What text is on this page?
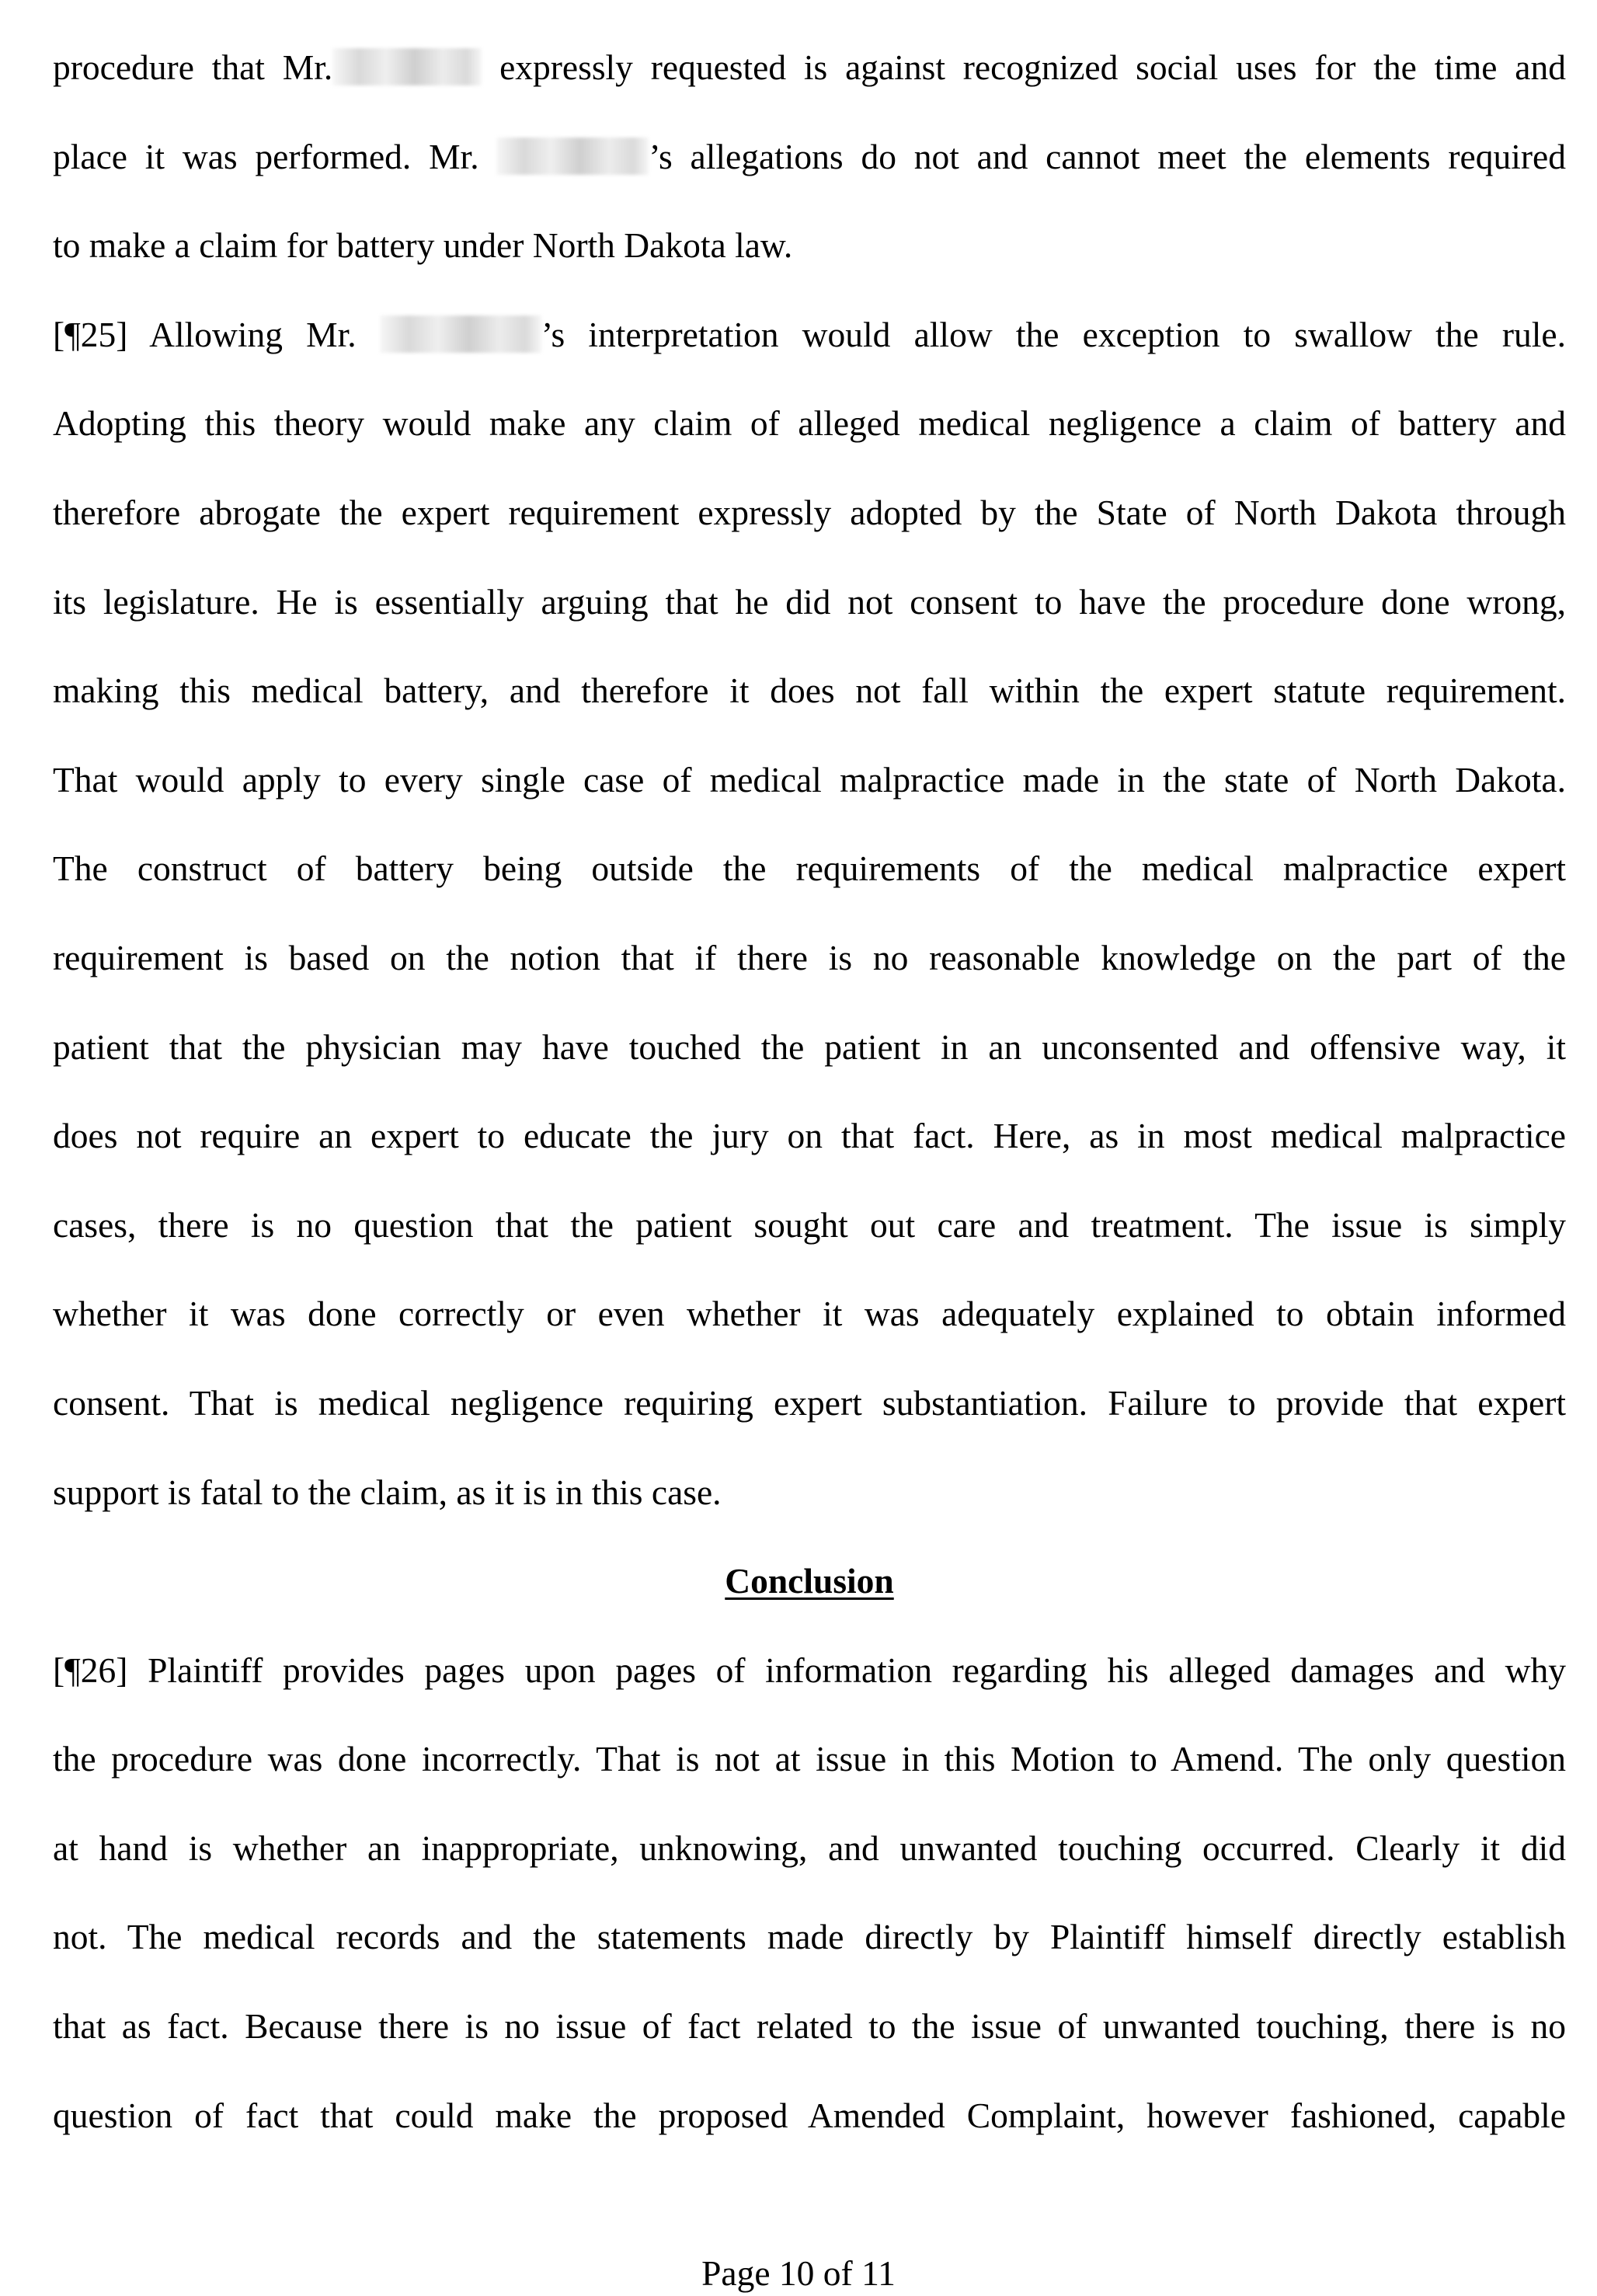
procedure that Mr.	expressly requested is against recognized social uses for the time and
place it was performed. Mr.	’s allegations do not and cannot meet the elements required
to make a claim for battery under North Dakota law.
[¶25] Allowing Mr.	’s interpretation would allow the exception to swallow the rule.
Adopting this theory would make any claim of alleged medical negligence a claim of battery and
therefore abrogate the expert requirement expressly adopted by the State of North Dakota through
its legislature. He is essentially arguing that he did not consent to have the procedure done wrong,
making this medical battery, and therefore it does not fall within the expert statute requirement.
That would apply to every single case of medical malpractice made in the state of North Dakota.
The construct of battery being outside the requirements of the medical malpractice expert
requirement is based on the notion that if there is no reasonable knowledge on the part of the
patient that the physician may have touched the patient in an unconsented and offensive way, it
does not require an expert to educate the jury on that fact. Here, as in most medical malpractice
cases, there is no question that the patient sought out care and treatment. The issue is simply
whether it was done correctly or even whether it was adequately explained to obtain informed
consent. That is medical negligence requiring expert substantiation. Failure to provide that expert
support is fatal to the claim, as it is in this case.
Conclusion
[¶26] Plaintiff provides pages upon pages of information regarding his alleged damages and why
the procedure was done incorrectly. That is not at issue in this Motion to Amend. The only question
at hand is whether an inappropriate, unknowing, and unwanted touching occurred. Clearly it did
not. The medical records and the statements made directly by Plaintiff himself directly establish
that as fact. Because there is no issue of fact related to the issue of unwanted touching, there is no
question of fact that could make the proposed Amended Complaint, however fashioned, capable
Page 10 of 11
